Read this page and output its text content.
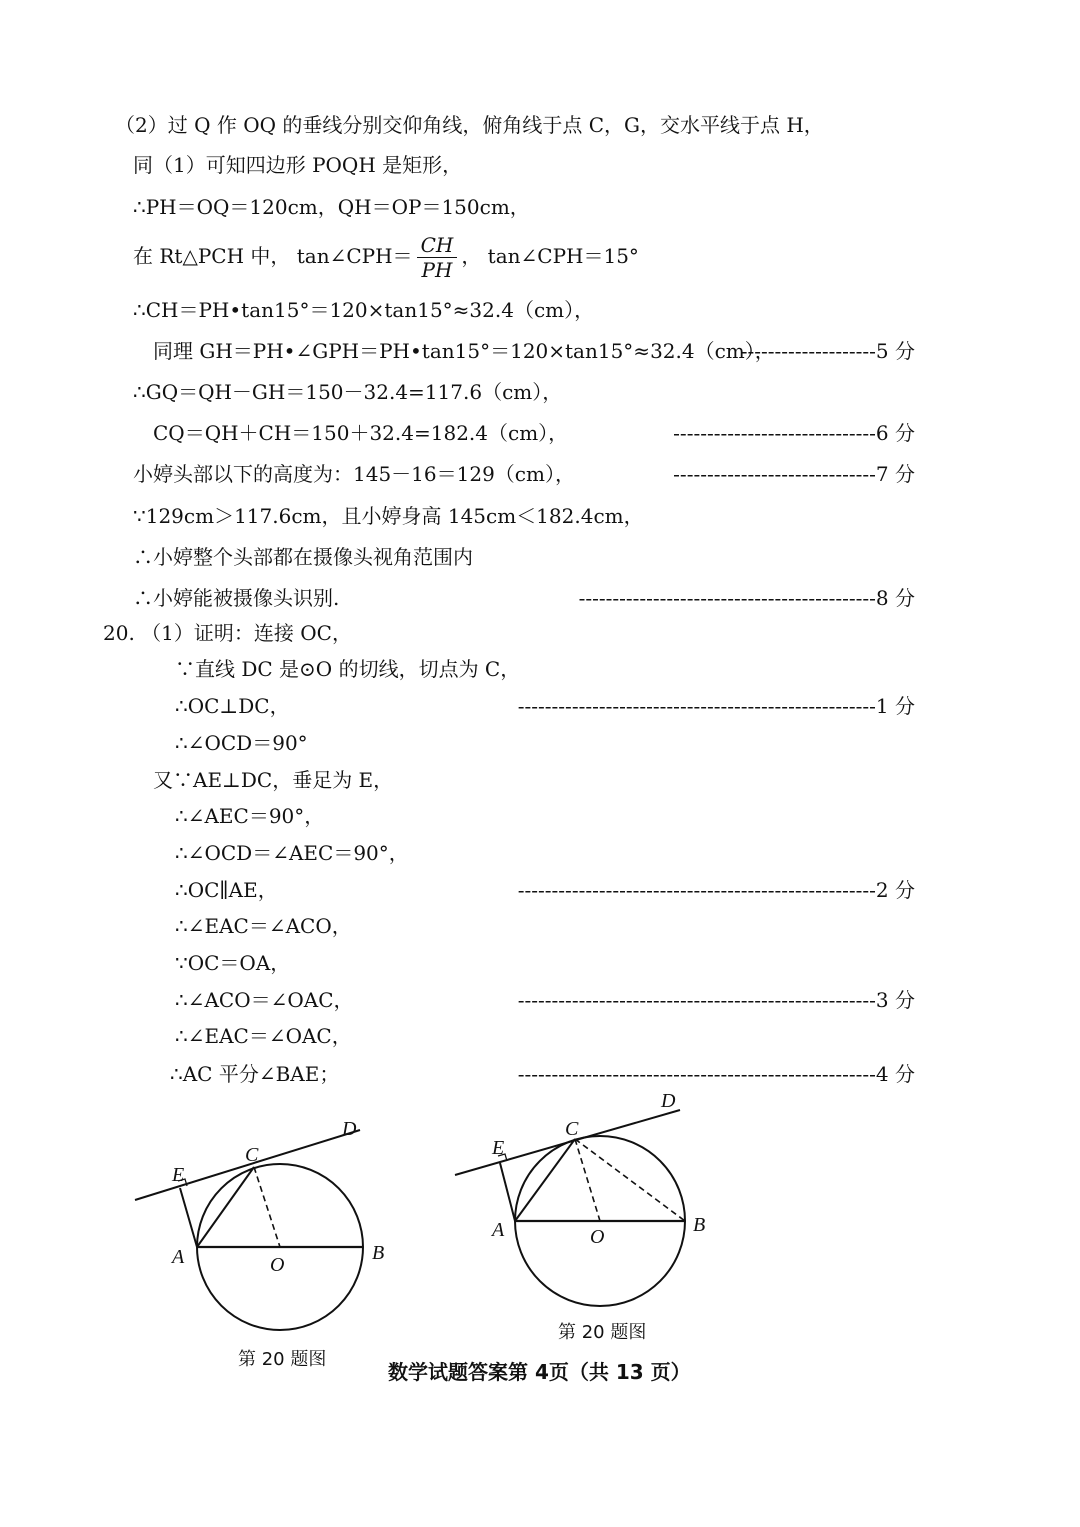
（2）过 Q 作 OQ 的垂线分别交仰角线，俯角线于点 C，G，交水平线于点 H，
同（1）可知四边形 POQH 是矩形，
∴PH＝OQ＝120cm，QH＝OP＝150cm，
∴CH＝PH•tan15°＝120×tan15°≈32.4（cm），
同理 GH＝PH•∠GPH＝PH•tan15°＝120×tan15°≈32.4（cm），
∴GQ＝QH－GH＝150－32.4=117.6（cm），
CQ＝QH＋CH＝150＋32.4=182.4（cm），
小婷头部以下的高度为：145－16＝129（cm），
∵129cm＞117.6cm，且小婷身高 145cm＜182.4cm，
∴小婷整个头部都在摄像头视角范围内
∴小婷能被摄像头识别.
20. （1）证明：连接 OC，
∵直线 DC 是⊙O 的切线，切点为 C，
∴OC⊥DC，
∴∠OCD＝90°
又∵AE⊥DC，垂足为 E，
∴∠AEC＝90°，
∴∠OCD＝∠AEC＝90°，
∴OC∥AE，
∴∠EAC＝∠ACO，
∵OC＝OA，
∴∠ACO＝∠OAC，
∴∠EAC＝∠OAC，
∴AC 平分∠BAE；
--------------------5 分
------------------------------6 分
------------------------------7 分
--------------------------------------------8 分
-----------------------------------------------------1 分
-----------------------------------------------------2 分
-----------------------------------------------------3 分
-----------------------------------------------------4 分
在 Rt△PCH 中， tan∠CPH＝ $\frac{CH}{PH}$ ， tan∠CPH＝15°
D
C
E
A	O
B
D
C
E
A	O
B
第 20 题图
第 20 题图
数学试题答案第 4页（共 13 页）
